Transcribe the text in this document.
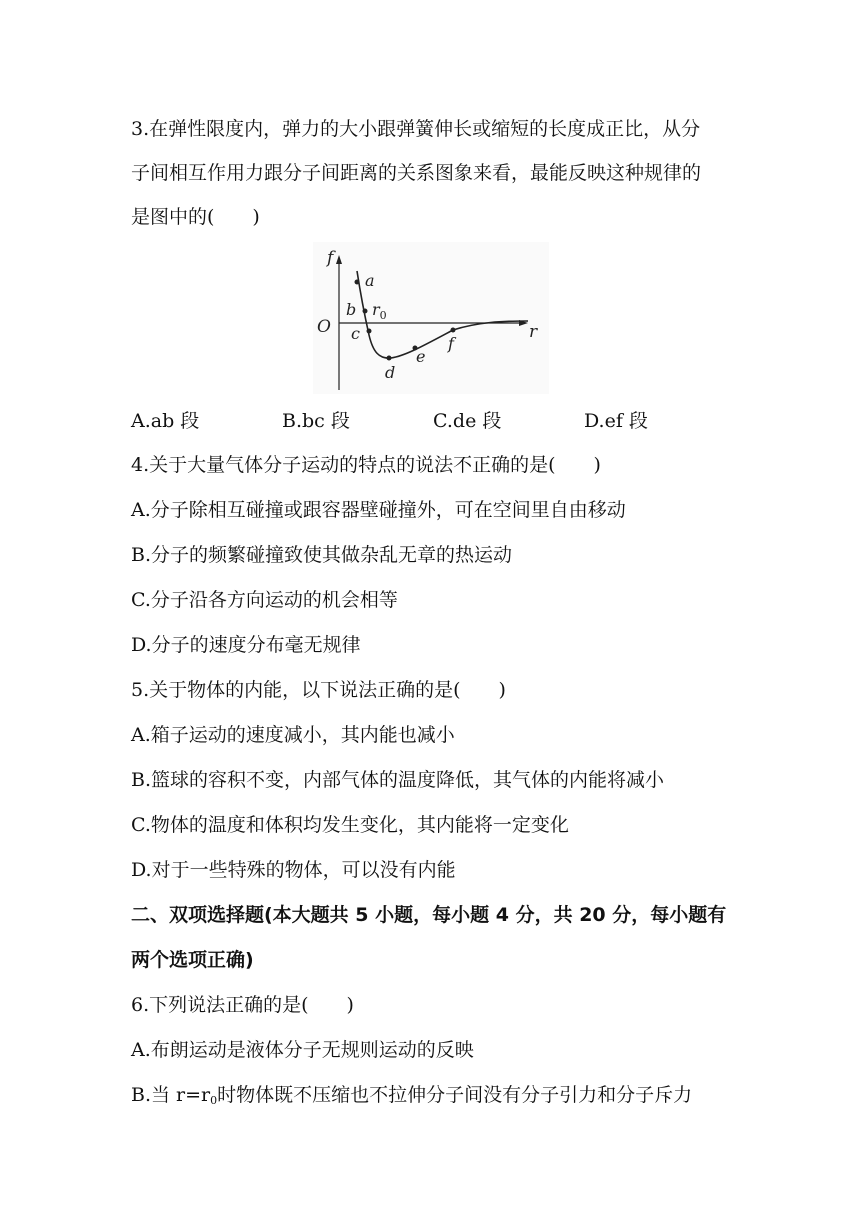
3.在弹性限度内，弹力的大小跟弹簧伸长或缩短的长度成正比，从分
子间相互作用力跟分子间距离的关系图象来看，最能反映这种规律的
是图中的(　　)
f
O	r
a
b $r_0$
c
d
e
f
A.ab 段	B.bc 段	C.de 段	D.ef 段
4.关于大量气体分子运动的特点的说法不正确的是(　　)
A.分子除相互碰撞或跟容器壁碰撞外，可在空间里自由移动
B.分子的频繁碰撞致使其做杂乱无章的热运动
C.分子沿各方向运动的机会相等
D.分子的速度分布毫无规律
5.关于物体的内能，以下说法正确的是(　　)
A.箱子运动的速度减小，其内能也减小
B.篮球的容积不变，内部气体的温度降低，其气体的内能将减小
C.物体的温度和体积均发生变化，其内能将一定变化
D.对于一些特殊的物体，可以没有内能
二、双项选择题(本大题共 5 小题，每小题 4 分，共 20 分，每小题有
两个选项正确)
6.下列说法正确的是(　　)
A.布朗运动是液体分子无规则运动的反映
B.当 $r=r_0$时物体既不压缩也不拉伸分子间没有分子引力和分子斥力
